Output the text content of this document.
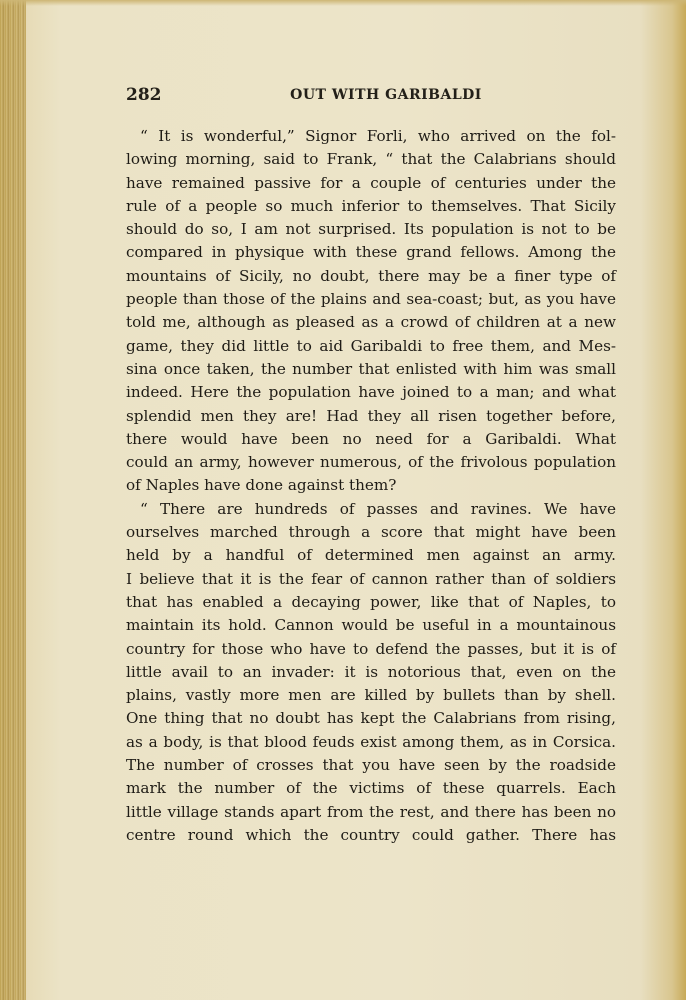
282	OUT WITH GARIBALDI
“ It is wonderful,” Signor Forli, who arrived on the fol-
lowing morning, said to Frank, “ that the Calabrians should
have remained passive for a couple of centuries under the
rule of a people so much inferior to themselves. That Sicily
should do so, I am not surprised. Its population is not to be
compared in physique with these grand fellows. Among the
mountains of Sicily, no doubt, there may be a finer type of
people than those of the plains and sea-coast; but, as you have
told me, although as pleased as a crowd of children at a new
game, they did little to aid Garibaldi to free them, and Mes-
sina once taken, the number that enlisted with him was small
indeed. Here the population have joined to a man; and what
splendid men they are! Had they all risen together before,
there would have been no need for a Garibaldi. What
could an army, however numerous, of the frivolous population
of Naples have done against them?
“ There are hundreds of passes and ravines. We have
ourselves marched through a score that might have been
held by a handful of determined men against an army.
I believe that it is the fear of cannon rather than of soldiers
that has enabled a decaying power, like that of Naples, to
maintain its hold. Cannon would be useful in a mountainous
country for those who have to defend the passes, but it is of
little avail to an invader: it is notorious that, even on the
plains, vastly more men are killed by bullets than by shell.
One thing that no doubt has kept the Calabrians from rising,
as a body, is that blood feuds exist among them, as in Corsica.
The number of crosses that you have seen by the roadside
mark the number of the victims of these quarrels. Each
little village stands apart from the rest, and there has been no
centre round which the country could gather. There has
